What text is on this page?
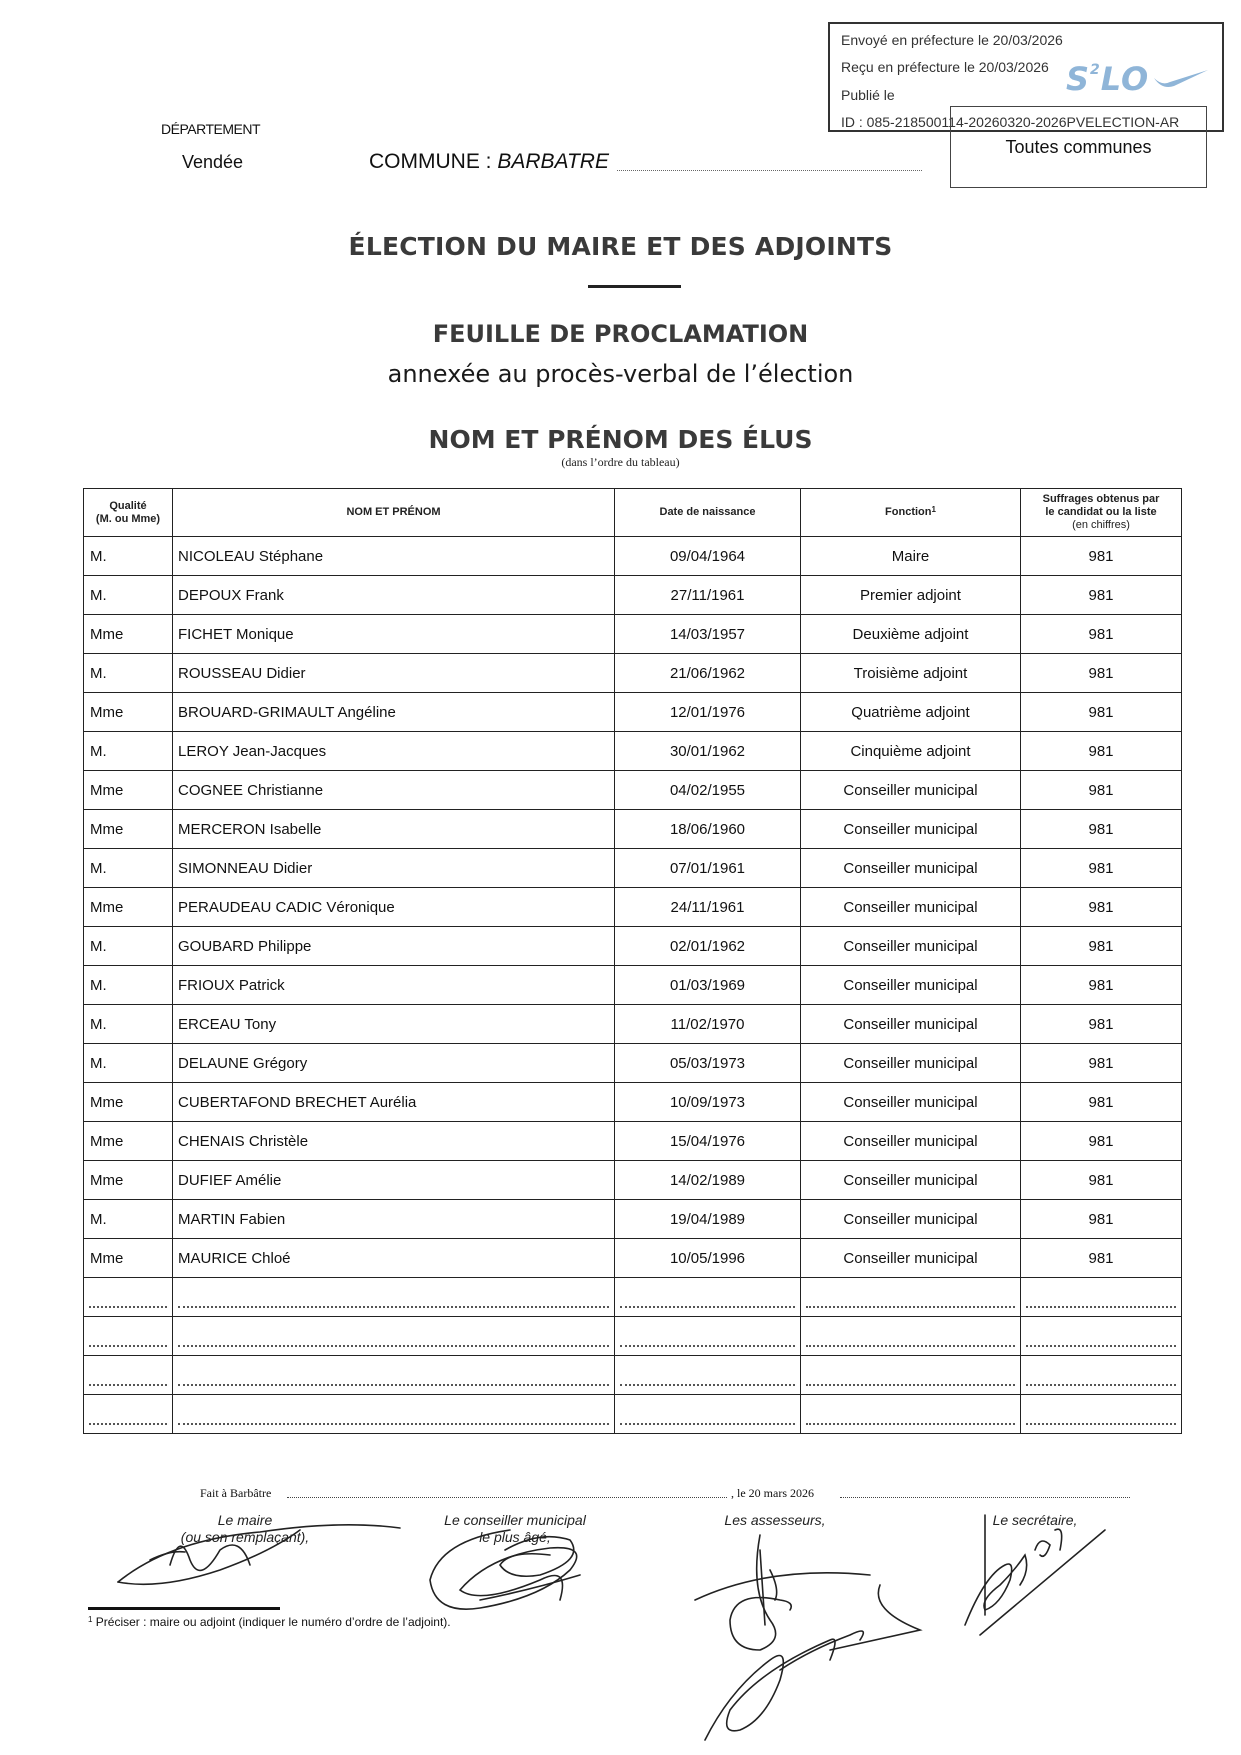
Envoyé en préfecture le 20/03/2026
Reçu en préfecture le 20/03/2026
Publié le
ID : 085-218500114-20260320-2026PVELECTION-AR
$S^2LO$
Toutes communes
DÉPARTEMENT
Vendée	COMMUNE : BARBATRE
ÉLECTION DU MAIRE ET DES ADJOINTS
FEUILLE DE PROCLAMATION
annexée au procès-verbal de l’élection
NOM ET PRÉNOM DES ÉLUS
(dans l’ordre du tableau)
Qualité
(M. ou Mme)	NOM ET PRÉNOM	Date de naissance	Fonction$^1$	Suffrages obtenus par
le candidat ou la liste
(en chiffres)
M.	NICOLEAU Stéphane	09/04/1964	Maire	981
M.	DEPOUX Frank	27/11/1961	Premier adjoint	981
Mme	FICHET Monique	14/03/1957	Deuxième adjoint	981
M.	ROUSSEAU Didier	21/06/1962	Troisième adjoint	981
Mme	BROUARD-GRIMAULT Angéline	12/01/1976	Quatrième adjoint	981
M.	LEROY Jean-Jacques	30/01/1962	Cinquième adjoint	981
Mme	COGNEE Christianne	04/02/1955	Conseiller municipal	981
Mme	MERCERON Isabelle	18/06/1960	Conseiller municipal	981
M.	SIMONNEAU Didier	07/01/1961	Conseiller municipal	981
Mme	PERAUDEAU CADIC Véronique	24/11/1961	Conseiller municipal	981
M.	GOUBARD Philippe	02/01/1962	Conseiller municipal	981
M.	FRIOUX Patrick	01/03/1969	Conseiller municipal	981
M.	ERCEAU Tony	11/02/1970	Conseiller municipal	981
M.	DELAUNE Grégory	05/03/1973	Conseiller municipal	981
Mme	CUBERTAFOND BRECHET Aurélia	10/09/1973	Conseiller municipal	981
Mme	CHENAIS Christèle	15/04/1976	Conseiller municipal	981
Mme	DUFIEF Amélie	14/02/1989	Conseiller municipal	981
M.	MARTIN Fabien	19/04/1989	Conseiller municipal	981
Mme	MAURICE Chloé	10/05/1996	Conseiller municipal	981

Fait à Barbâtre	, le 20 mars 2026
Le maire
(ou son remplaçant),
Le conseiller municipal
le plus âgé,
Les assesseurs,	Le secrétaire,
$^1$ Préciser : maire ou adjoint (indiquer le numéro d’ordre de l’adjoint).
